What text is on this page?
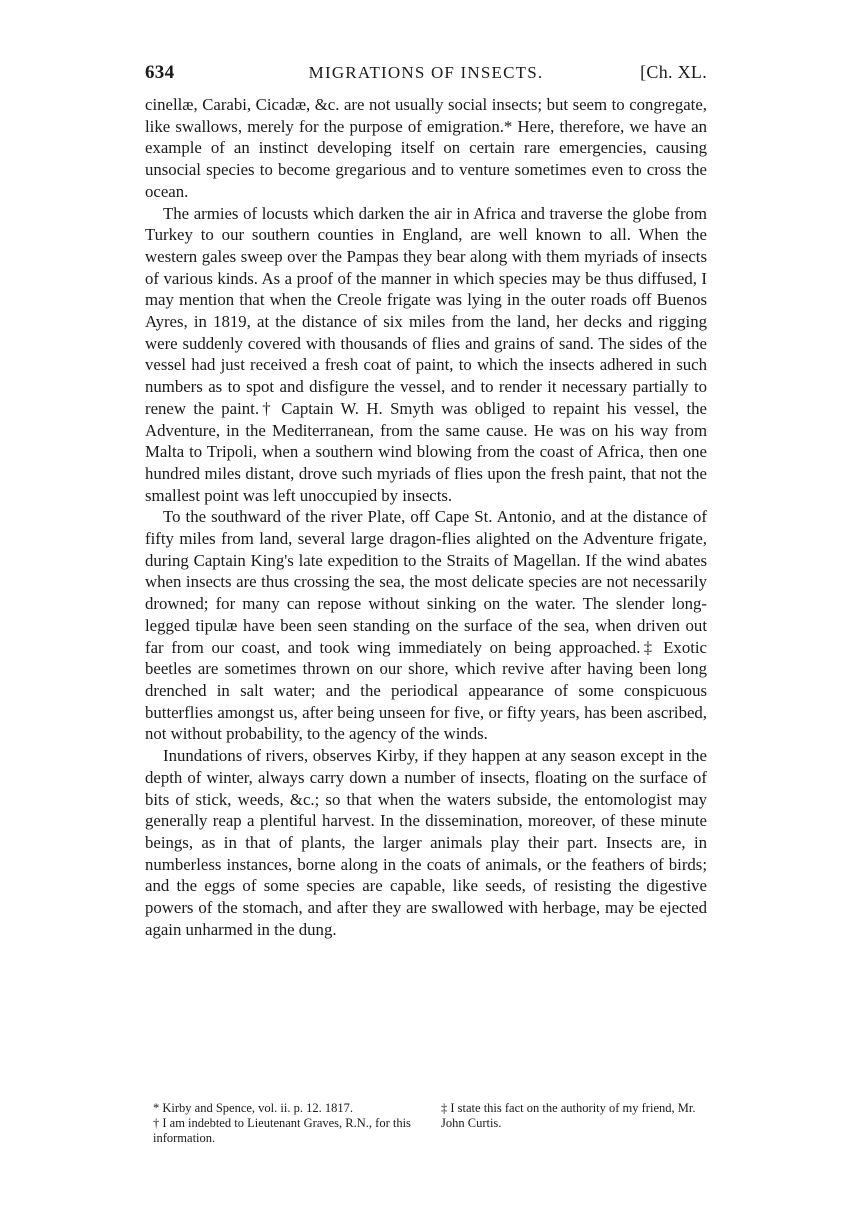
634	MIGRATIONS OF INSECTS.	[Ch. XL.

cinellæ, Carabi, Cicadæ, &c. are not usually social insects; but seem to congregate, like swallows, merely for the purpose of emigration.* Here, therefore, we have an example of an instinct developing itself on certain rare emergencies, causing unsocial species to become gregarious and to venture sometimes even to cross the ocean.

The armies of locusts which darken the air in Africa and traverse the globe from Turkey to our southern counties in England, are well known to all. When the western gales sweep over the Pampas they bear along with them myriads of insects of various kinds. As a proof of the manner in which species may be thus diffused, I may mention that when the Creole frigate was lying in the outer roads off Buenos Ayres, in 1819, at the distance of six miles from the land, her decks and rigging were suddenly covered with thousands of flies and grains of sand. The sides of the vessel had just received a fresh coat of paint, to which the insects adhered in such numbers as to spot and disfigure the vessel, and to render it necessary partially to renew the paint.† Captain W. H. Smyth was obliged to repaint his vessel, the Adventure, in the Mediterranean, from the same cause. He was on his way from Malta to Tripoli, when a southern wind blowing from the coast of Africa, then one hundred miles distant, drove such myriads of flies upon the fresh paint, that not the smallest point was left unoccupied by insects.

To the southward of the river Plate, off Cape St. Antonio, and at the distance of fifty miles from land, several large dragon-flies alighted on the Adventure frigate, during Captain King's late expedition to the Straits of Magellan. If the wind abates when insects are thus crossing the sea, the most delicate species are not necessarily drowned; for many can repose without sinking on the water. The slender long-legged tipulæ have been seen standing on the surface of the sea, when driven out far from our coast, and took wing immediately on being approached.‡ Exotic beetles are sometimes thrown on our shore, which revive after having been long drenched in salt water; and the periodical appearance of some conspicuous butterflies amongst us, after being unseen for five, or fifty years, has been ascribed, not without probability, to the agency of the winds.

Inundations of rivers, observes Kirby, if they happen at any season except in the depth of winter, always carry down a number of insects, floating on the surface of bits of stick, weeds, &c.; so that when the waters subside, the entomologist may generally reap a plentiful harvest. In the dissemination, moreover, of these minute beings, as in that of plants, the larger animals play their part. Insects are, in numberless instances, borne along in the coats of animals, or the feathers of birds; and the eggs of some species are capable, like seeds, of resisting the digestive powers of the stomach, and after they are swallowed with herbage, may be ejected again unharmed in the dung.

* Kirby and Spence, vol. ii. p. 12. 1817.

† I am indebted to Lieutenant Graves, R.N., for this information.

‡ I state this fact on the authority of my friend, Mr. John Curtis.
